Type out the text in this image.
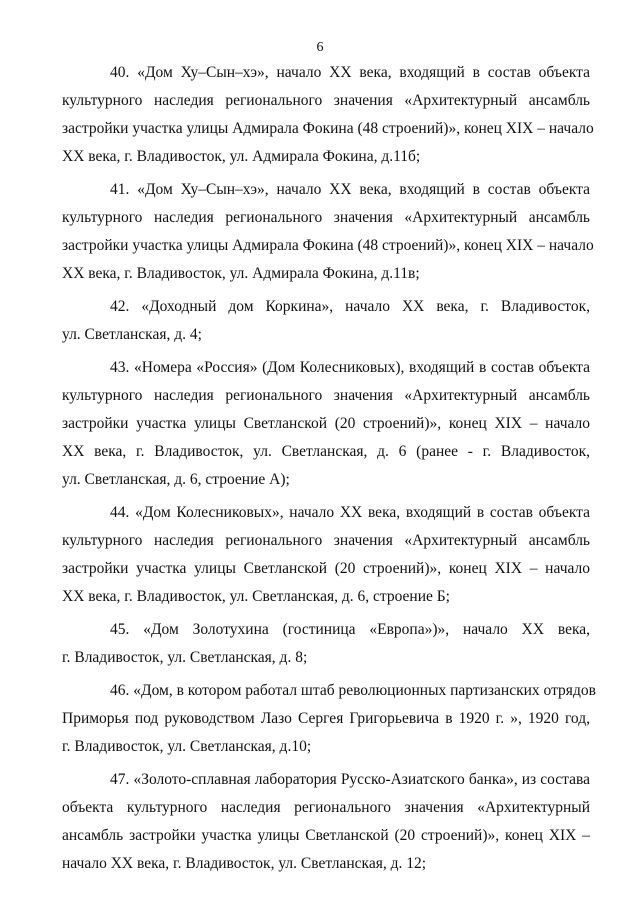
6
40. «Дом Ху–Сын–хэ», начало XX века, входящий в состав объекта
культурного наследия регионального значения «Архитектурный ансамбль
застройки участка улицы Адмирала Фокина (48 строений)», конец XIX – начало
XX века, г. Владивосток, ул. Адмирала Фокина, д.11б;
41. «Дом Ху–Сын–хэ», начало XX века, входящий в состав объекта
культурного наследия регионального значения «Архитектурный ансамбль
застройки участка улицы Адмирала Фокина (48 строений)», конец XIX – начало
XX века, г. Владивосток, ул. Адмирала Фокина, д.11в;
42. «Доходный дом Коркина», начало XX века, г. Владивосток,
ул. Светланская, д. 4;
43. «Номера «Россия» (Дом Колесниковых), входящий в состав объекта
культурного наследия регионального значения «Архитектурный ансамбль
застройки участка улицы Светланской (20 строений)», конец XIX – начало
XX века, г. Владивосток, ул. Светланская, д. 6 (ранее - г. Владивосток,
ул. Светланская, д. 6, строение А);
44. «Дом Колесниковых», начало XX века, входящий в состав объекта
культурного наследия регионального значения «Архитектурный ансамбль
застройки участка улицы Светланской (20 строений)», конец XIX – начало
XX века, г. Владивосток, ул. Светланская, д. 6, строение Б;
45. «Дом Золотухина (гостиница «Европа»)», начало XX века,
г. Владивосток, ул. Светланская, д. 8;
46. «Дом, в котором работал штаб революционных партизанских отрядов
Приморья под руководством Лазо Сергея Григорьевича в 1920 г. », 1920 год,
г. Владивосток, ул. Светланская, д.10;
47. «Золото-сплавная лаборатория Русско-Азиатского банка», из состава
объекта культурного наследия регионального значения «Архитектурный
ансамбль застройки участка улицы Светланской (20 строений)», конец XIX –
начало XX века, г. Владивосток, ул. Светланская, д. 12;
